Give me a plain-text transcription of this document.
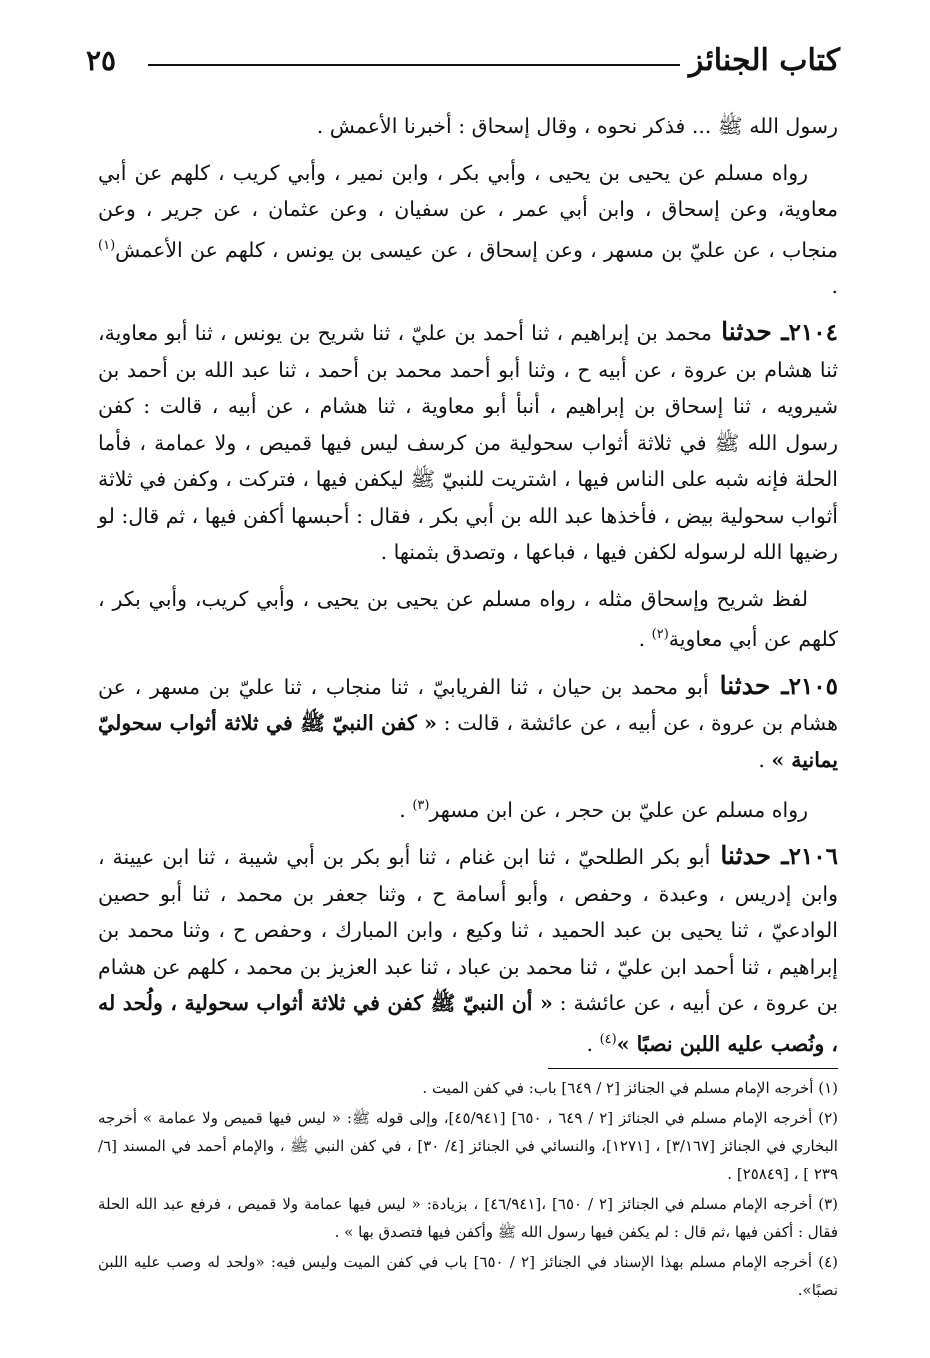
كتاب الجنائز
٢٥

رسول الله ﷺ ... فذكر نحوه ، وقال إسحاق : أخبرنا الأعمش .

رواه مسلم عن يحيى بن يحيى ، وأبي بكر ، وابن نمير ، وأبي كريب ، كلهم عن أبي معاوية، وعن إسحاق ، وابن أبي عمر ، عن سفيان ، وعن عثمان ، عن جرير ، وعن منجاب ، عن عليّ بن مسهر ، وعن إسحاق ، عن عيسى بن يونس ، كلهم عن الأعمش$^{(١)}$ .

٢١٠٤ـ حدثنا محمد بن إبراهيم ، ثنا أحمد بن عليّ ، ثنا شريح بن يونس ، ثنا أبو معاوية، ثنا هشام بن عروة ، عن أبيه ح ، وثنا أبو أحمد محمد بن أحمد ، ثنا عبد الله بن أحمد بن شيرويه ، ثنا إسحاق بن إبراهيم ، أنبأ أبو معاوية ، ثنا هشام ، عن أبيه ، قالت : كفن رسول الله ﷺ في ثلاثة أثواب سحولية من كرسف ليس فيها قميص ، ولا عمامة ، فأما الحلة فإنه شبه على الناس فيها ، اشتريت للنبيّ ﷺ ليكفن فيها ، فتركت ، وكفن في ثلاثة أثواب سحولية بيض ، فأخذها عبد الله بن أبي بكر ، فقال : أحبسها أكفن فيها ، ثم قال: لو رضيها الله لرسوله لكفن فيها ، فباعها ، وتصدق بثمنها .

لفظ شريح وإسحاق مثله ، رواه مسلم عن يحيى بن يحيى ، وأبي كريب، وأبي بكر ، كلهم عن أبي معاوية$^{(٢)}$ .

٢١٠٥ـ حدثنا أبو محمد بن حيان ، ثنا الفريابيّ ، ثنا منجاب ، ثنا عليّ بن مسهر ، عن هشام بن عروة ، عن أبيه ، عن عائشة ، قالت : « كفن النبيّ ﷺ في ثلاثة أثواب سحوليّ يمانية » .

رواه مسلم عن عليّ بن حجر ، عن ابن مسهر$^{(٣)}$ .

٢١٠٦ـ حدثنا أبو بكر الطلحيّ ، ثنا ابن غنام ، ثنا أبو بكر بن أبي شيبة ، ثنا ابن عيينة ، وابن إدريس ، وعبدة ، وحفص ، وأبو أسامة ح ، وثنا جعفر بن محمد ، ثنا أبو حصين الوادعيّ ، ثنا يحيى بن عبد الحميد ، ثنا وكيع ، وابن المبارك ، وحفص ح ، وثنا محمد بن إبراهيم ، ثنا أحمد ابن عليّ ، ثنا محمد بن عباد ، ثنا عبد العزيز بن محمد ، كلهم عن هشام بن عروة ، عن أبيه ، عن عائشة : « أن النبيّ ﷺ كفن في ثلاثة أثواب سحولية ، ولُحد له ، ونُصب عليه اللبن نصبًا »$^{(٤)}$ .

(١) أخرجه الإمام مسلم في الجنائز [٢ / ٦٤٩] باب: في كفن الميت .

(٢) أخرجه الإمام مسلم في الجنائز [٢ / ٦٤٩ ، ٦٥٠] [٤٥/٩٤١]، وإلى قوله ﷺ: « ليس فيها قميص ولا عمامة » أخرجه البخاري في الجنائز [٣/١٦٧] ، [١٢٧١]، والنسائي في الجنائز [٤/ ٣٠] ، في كفن النبي ﷺ ، والإمام أحمد في المسند [٦/ ٢٣٩ ] ، [٢٥٨٤٩] .

(٣) أخرجه الإمام مسلم في الجنائز [٢ / ٦٥٠] ،[٤٦/٩٤١] ، بزيادة: « ليس فيها عمامة ولا قميص ، فرفع عبد الله الحلة فقال : أكفن فيها ،ثم قال : لم يكفن فيها رسول الله ﷺ وأكفن فيها فتصدق بها » .

(٤) أخرجه الإمام مسلم بهذا الإسناد في الجنائز [٢ / ٦٥٠] باب في كفن الميت وليس فيه: «ولحد له وصب عليه اللبن نصبًا».
